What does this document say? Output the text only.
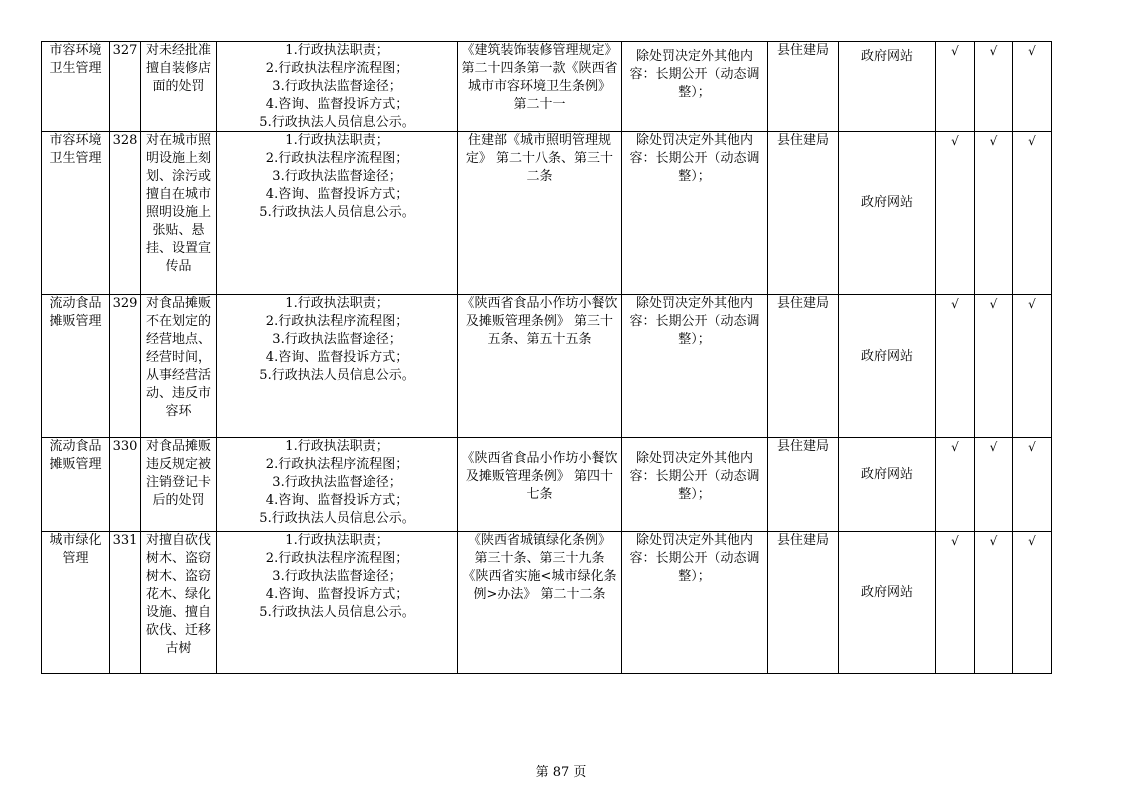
市容环境卫生管理	327	对未经批准擅自装修店面的处罚	1.行政执法职责；
2.行政执法程序流程图；
3.行政执法监督途径；
4.咨询、监督投诉方式；
5.行政执法人员信息公示。	《建筑装饰装修管理规定》 第二十四条第一款《陕西省城市市容环境卫生条例》 第二十一	除处罚决定外其他内容：长期公开（动态调整）；	县住建局	政府网站	√	√	√
市容环境卫生管理	328	对在城市照明设施上刻划、涂污或擅自在城市照明设施上张贴、悬挂、设置宣传品	1.行政执法职责；
2.行政执法程序流程图；
3.行政执法监督途径；
4.咨询、监督投诉方式；
5.行政执法人员信息公示。	住建部《城市照明管理规定》 第二十八条、第三十二条	除处罚决定外其他内容：长期公开（动态调整）；	县住建局	政府网站	√	√	√
流动食品摊贩管理	329	对食品摊贩不在划定的经营地点、经营时间，从事经营活动、违反市容环	1.行政执法职责；
2.行政执法程序流程图；
3.行政执法监督途径；
4.咨询、监督投诉方式；
5.行政执法人员信息公示。	《陕西省食品小作坊小餐饮及摊贩管理条例》 第三十五条、第五十五条	除处罚决定外其他内容：长期公开（动态调整）；	县住建局	政府网站	√	√	√
流动食品摊贩管理	330	对食品摊贩违反规定被注销登记卡后的处罚	1.行政执法职责；
2.行政执法程序流程图；
3.行政执法监督途径；
4.咨询、监督投诉方式；
5.行政执法人员信息公示。	《陕西省食品小作坊小餐饮及摊贩管理条例》 第四十七条	除处罚决定外其他内容：长期公开（动态调整）；	县住建局	政府网站	√	√	√
城市绿化管理	331	对擅自砍伐树木、盗窃树木、盗窃花木、绿化设施、擅自砍伐、迁移古树	1.行政执法职责；
2.行政执法程序流程图；
3.行政执法监督途径；
4.咨询、监督投诉方式；
5.行政执法人员信息公示。	《陕西省城镇绿化条例》 第三十条、第三十九条 《陕西省实施<城市绿化条例>办法》 第二十二条	除处罚决定外其他内容：长期公开（动态调整）；	县住建局	政府网站	√	√	√
第 87 页
